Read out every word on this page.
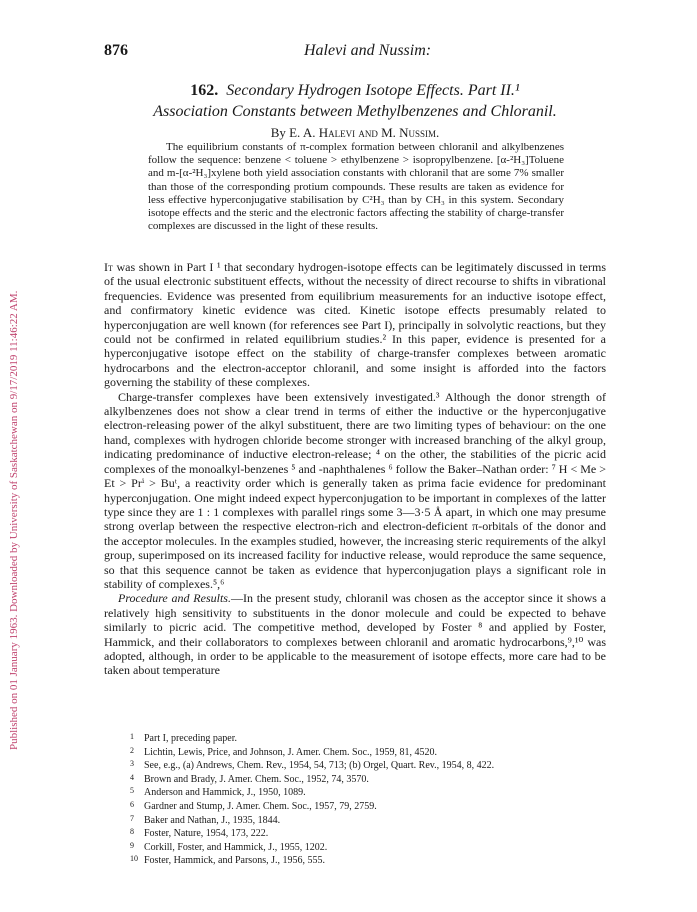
Published on 01 January 1963. Downloaded by University of Saskatchewan on 9/17/2019 11:46:22 AM.
876	Halevi and Nussim:
162. Secondary Hydrogen Isotope Effects. Part II.¹
Association Constants between Methylbenzenes and Chloranil.
By E. A. Halevi and M. Nussim.

The equilibrium constants of π-complex formation between chloranil and alkylbenzenes follow the sequence: benzene < toluene > ethylbenzene > isopropylbenzene. [α-²H₃]Toluene and m-[α-²H₃]xylene both yield association constants with chloranil that are some 7% smaller than those of the corresponding protium compounds. These results are taken as evidence for less effective hyperconjugative stabilisation by C²H₃ than by CH₃ in this system. Secondary isotope effects and the steric and the electronic factors affecting the stability of charge-transfer complexes are discussed in the light of these results.

It was shown in Part I ¹ that secondary hydrogen-isotope effects can be legitimately discussed in terms of the usual electronic substituent effects, without the necessity of direct recourse to shifts in vibrational frequencies. Evidence was presented from equilibrium measurements for an inductive isotope effect, and confirmatory kinetic evidence was cited. Kinetic isotope effects presumably related to hyperconjugation are well known (for references see Part I), principally in solvolytic reactions, but they could not be confirmed in related equilibrium studies.² In this paper, evidence is presented for a hyperconjugative isotope effect on the stability of charge-transfer complexes between aromatic hydrocarbons and the electron-acceptor chloranil, and some insight is afforded into the factors governing the stability of these complexes.

Charge-transfer complexes have been extensively investigated.³ Although the donor strength of alkylbenzenes does not show a clear trend in terms of either the inductive or the hyperconjugative electron-releasing power of the alkyl substituent, there are two limiting types of behaviour: on the one hand, complexes with hydrogen chloride become stronger with increased branching of the alkyl group, indicating predominance of inductive electron-release; ⁴ on the other, the stabilities of the picric acid complexes of the monoalkyl-benzenes ⁵ and -naphthalenes ⁶ follow the Baker–Nathan order: ⁷ H < Me > Et > Prⁱ > Buᵗ, a reactivity order which is generally taken as prima facie evidence for predominant hyperconjugation. One might indeed expect hyperconjugation to be important in complexes of the latter type since they are 1 : 1 complexes with parallel rings some 3—3·5 Å apart, in which one may presume strong overlap between the respective electron-rich and electron-deficient π-orbitals of the donor and the acceptor molecules. In the examples studied, however, the increasing steric requirements of the alkyl group, superimposed on its increased facility for inductive release, would reproduce the same sequence, so that this sequence cannot be taken as evidence that hyperconjugation plays a significant role in stability of complexes.⁵,⁶

Procedure and Results.—In the present study, chloranil was chosen as the acceptor since it shows a relatively high sensitivity to substituents in the donor molecule and could be expected to behave similarly to picric acid. The competitive method, developed by Foster ⁸ and applied by Foster, Hammick, and their collaborators to complexes between chloranil and aromatic hydrocarbons,⁹,¹⁰ was adopted, although, in order to be applicable to the measurement of isotope effects, more care had to be taken about temperature

1 Part I, preceding paper.
2 Lichtin, Lewis, Price, and Johnson, J. Amer. Chem. Soc., 1959, 81, 4520.
3 See, e.g., (a) Andrews, Chem. Rev., 1954, 54, 713; (b) Orgel, Quart. Rev., 1954, 8, 422.
4 Brown and Brady, J. Amer. Chem. Soc., 1952, 74, 3570.
5 Anderson and Hammick, J., 1950, 1089.
6 Gardner and Stump, J. Amer. Chem. Soc., 1957, 79, 2759.
7 Baker and Nathan, J., 1935, 1844.
8 Foster, Nature, 1954, 173, 222.
9 Corkill, Foster, and Hammick, J., 1955, 1202.
10 Foster, Hammick, and Parsons, J., 1956, 555.
